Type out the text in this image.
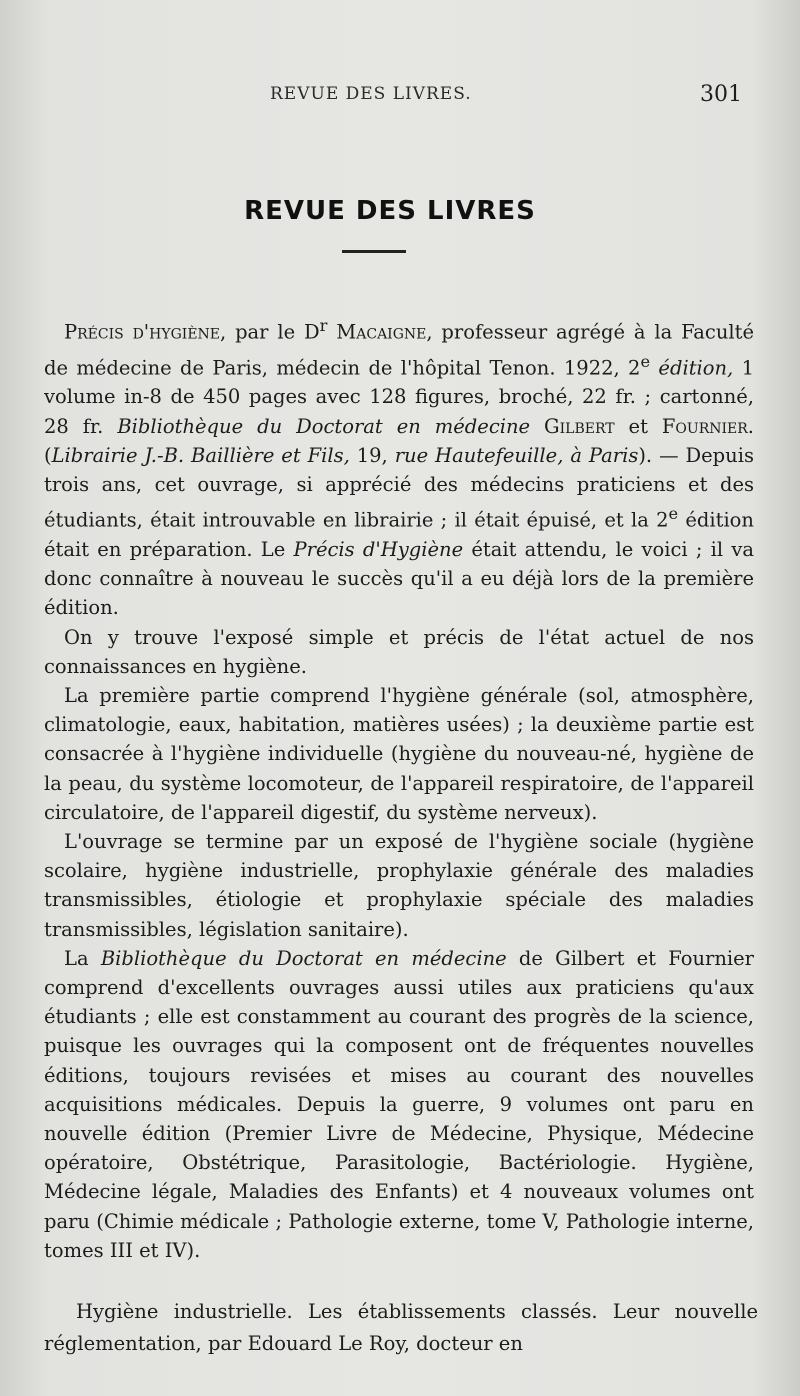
REVUE DES LIVRES.	301
REVUE DES LIVRES

Précis d'hygiène, par le $D^r$ Macaigne, professeur agrégé à la Faculté de médecine de Paris, médecin de l'hôpital Tenon. 1922, 2e édition, 1 volume in-8 de 450 pages avec 128 figures, broché, 22 fr. ; cartonné, 28 fr. Bibliothèque du Doctorat en médecine Gilbert et Fournier. (Librairie J.-B. Baillière et Fils, 19, rue Hautefeuille, à Paris). — Depuis trois ans, cet ouvrage, si apprécié des médecins praticiens et des étudiants, était introuvable en librairie ; il était épuisé, et la 2e édition était en préparation. Le Précis d'Hygiène était attendu, le voici ; il va donc connaître à nouveau le succès qu'il a eu déjà lors de la première édition.

On y trouve l'exposé simple et précis de l'état actuel de nos connaissances en hygiène.

La première partie comprend l'hygiène générale (sol, atmosphère, climatologie, eaux, habitation, matières usées) ; la deuxième partie est consacrée à l'hygiène individuelle (hygiène du nouveau-né, hygiène de la peau, du système locomoteur, de l'appareil respiratoire, de l'appareil circulatoire, de l'appareil digestif, du système nerveux).

L'ouvrage se termine par un exposé de l'hygiène sociale (hygiène scolaire, hygiène industrielle, prophylaxie générale des maladies transmissibles, étiologie et prophylaxie spéciale des maladies transmissibles, législation sanitaire).

La Bibliothèque du Doctorat en médecine de Gilbert et Fournier comprend d'excellents ouvrages aussi utiles aux praticiens qu'aux étudiants ; elle est constamment au courant des progrès de la science, puisque les ouvrages qui la composent ont de fréquentes nouvelles éditions, toujours revisées et mises au courant des nouvelles acquisitions médicales. Depuis la guerre, 9 volumes ont paru en nouvelle édition (Premier Livre de Médecine, Physique, Médecine opératoire, Obstétrique, Parasitologie, Bactériologie. Hygiène, Médecine légale, Maladies des Enfants) et 4 nouveaux volumes ont paru (Chimie médicale ; Pathologie externe, tome V, Pathologie interne, tomes III et IV).

Hygiène industrielle. Les établissements classés. Leur nouvelle réglementation, par Edouard Le Roy, docteur en
